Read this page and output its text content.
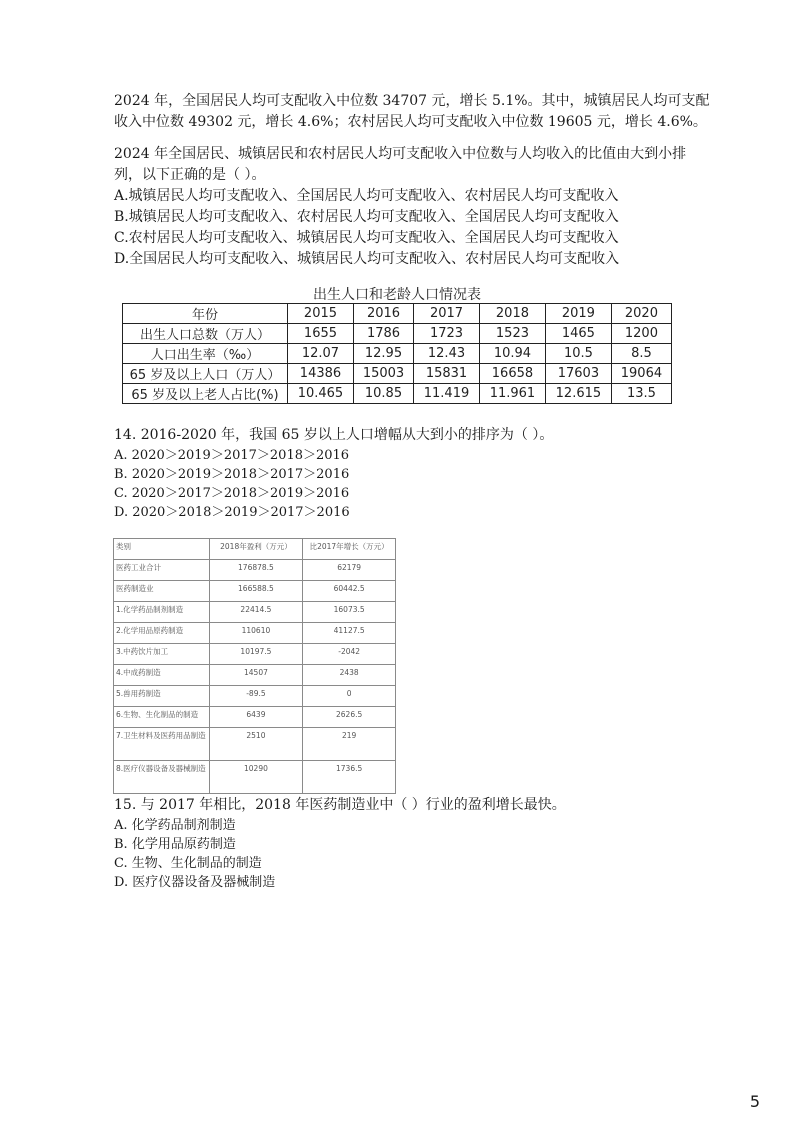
2024 年，全国居民人均可支配收入中位数 34707 元，增长 5.1%。其中，城镇居民人均可支配
收入中位数 49302 元，增长 4.6%；农村居民人均可支配收入中位数 19605 元，增长 4.6%。

2024 年全国居民、城镇居民和农村居民人均可支配收入中位数与人均收入的比值由大到小排
列，以下正确的是（ ）。
A.城镇居民人均可支配收入、全国居民人均可支配收入、农村居民人均可支配收入
B.城镇居民人均可支配收入、农村居民人均可支配收入、全国居民人均可支配收入
C.农村居民人均可支配收入、城镇居民人均可支配收入、全国居民人均可支配收入
D.全国居民人均可支配收入、城镇居民人均可支配收入、农村居民人均可支配收入
出生人口和老龄人口情况表
年份	2015	2016	2017	2018	2019	2020
出生人口总数（万人）	1655	1786	1723	1523	1465	1200
人口出生率（‰）	12.07	12.95	12.43	10.94	10.5	8.5
65 岁及以上人口（万人）	14386	15003	15831	16658	17603	19064
65 岁及以上老人占比(%)	10.465	10.85	11.419	11.961	12.615	13.5
14. 2016-2020 年，我国 65 岁以上人口增幅从大到小的排序为（ ）。
A. 2020＞2019＞2017＞2018＞2016
B. 2020＞2019＞2018＞2017＞2016
C. 2020＞2017＞2018＞2019＞2016
D. 2020＞2018＞2019＞2017＞2016
类别	2018年盈利（万元）	比2017年增长（万元）
医药工业合计	176878.5	62179
医药制造业	166588.5	60442.5
1.化学药品制剂制造	22414.5	16073.5
2.化学用品原药制造	110610	41127.5
3.中药饮片加工	10197.5	-2042
4.中成药制造	14507	2438
5.兽用药制造	-89.5	0
6.生物、生化制品的制造	6439	2626.5
7.卫生材料及医药用品制造	2510	219
8.医疗仪器设备及器械制造	10290	1736.5
15. 与 2017 年相比，2018 年医药制造业中（ ）行业的盈利增长最快。
A. 化学药品制剂制造
B. 化学用品原药制造
C. 生物、生化制品的制造
D. 医疗仪器设备及器械制造
5
